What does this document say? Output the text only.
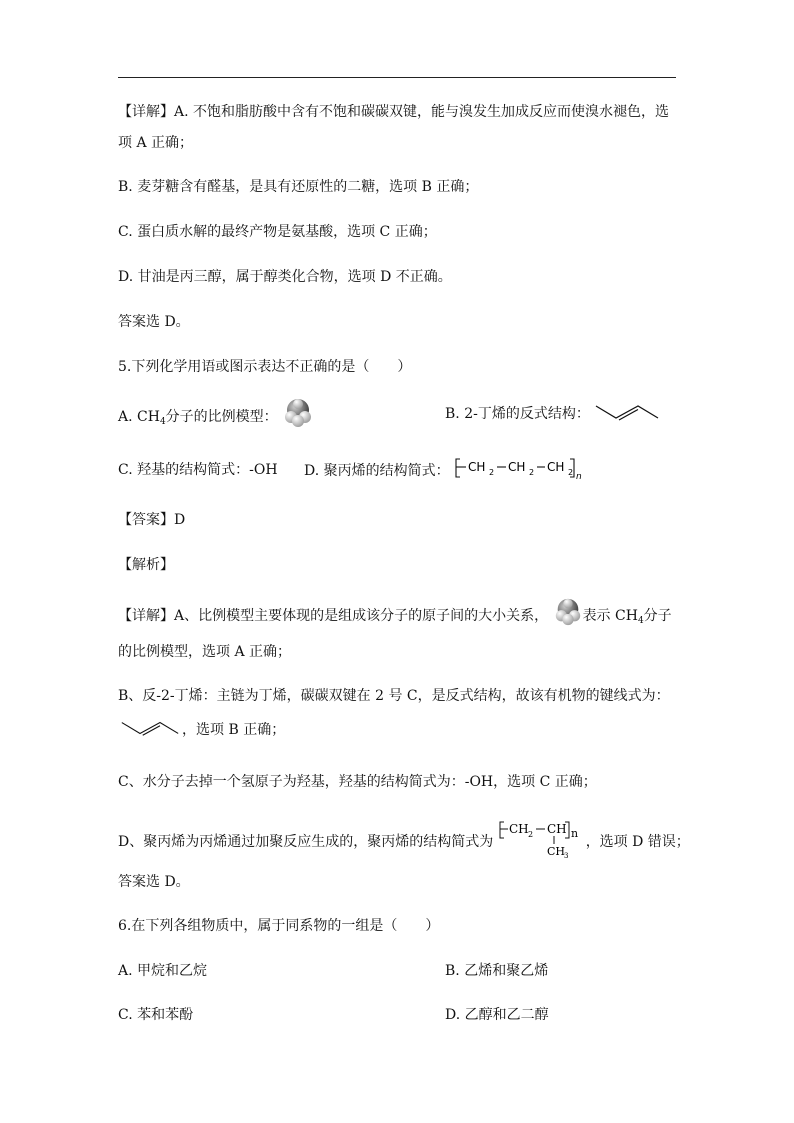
【详解】A. 不饱和脂肪酸中含有不饱和碳碳双键，能与溴发生加成反应而使溴水褪色，选
项 A 正确；
B. 麦芽糖含有醛基，是具有还原性的二糖，选项 B 正确；
C. 蛋白质水解的最终产物是氨基酸，选项 C 正确；
D. 甘油是丙三醇，属于醇类化合物，选项 D 不正确。
答案选 D。
5.下列化学用语或图示表达不正确的是（　　）
A. $CH_4$分子的比例模型：	B. 2-丁烯的反式结构：
C. 羟基的结构简式：-OH D. 聚丙烯的结构简式： CH 2 CH 2 CH 2 n
【答案】D
【解析】
【详解】A、比例模型主要体现的是组成该分子的原子间的大小关系， 表示 $CH_4$分子
的比例模型，选项 A 正确；
B、反-2-丁烯：主链为丁烯，碳碳双键在 2 号 C，是反式结构，故该有机物的键线式为：
，选项 B 正确；
C、水分子去掉一个氢原子为羟基，羟基的结构简式为：-OH，选项 C 正确；
D、聚丙烯为丙烯通过加聚反应生成的，聚丙烯的结构简式为
CH 2 CH n
CH
3
，选项 D 错误；
答案选 D。
6.在下列各组物质中，属于同系物的一组是（　　）
A. 甲烷和乙烷	B. 乙烯和聚乙烯
C. 苯和苯酚	D. 乙醇和乙二醇
